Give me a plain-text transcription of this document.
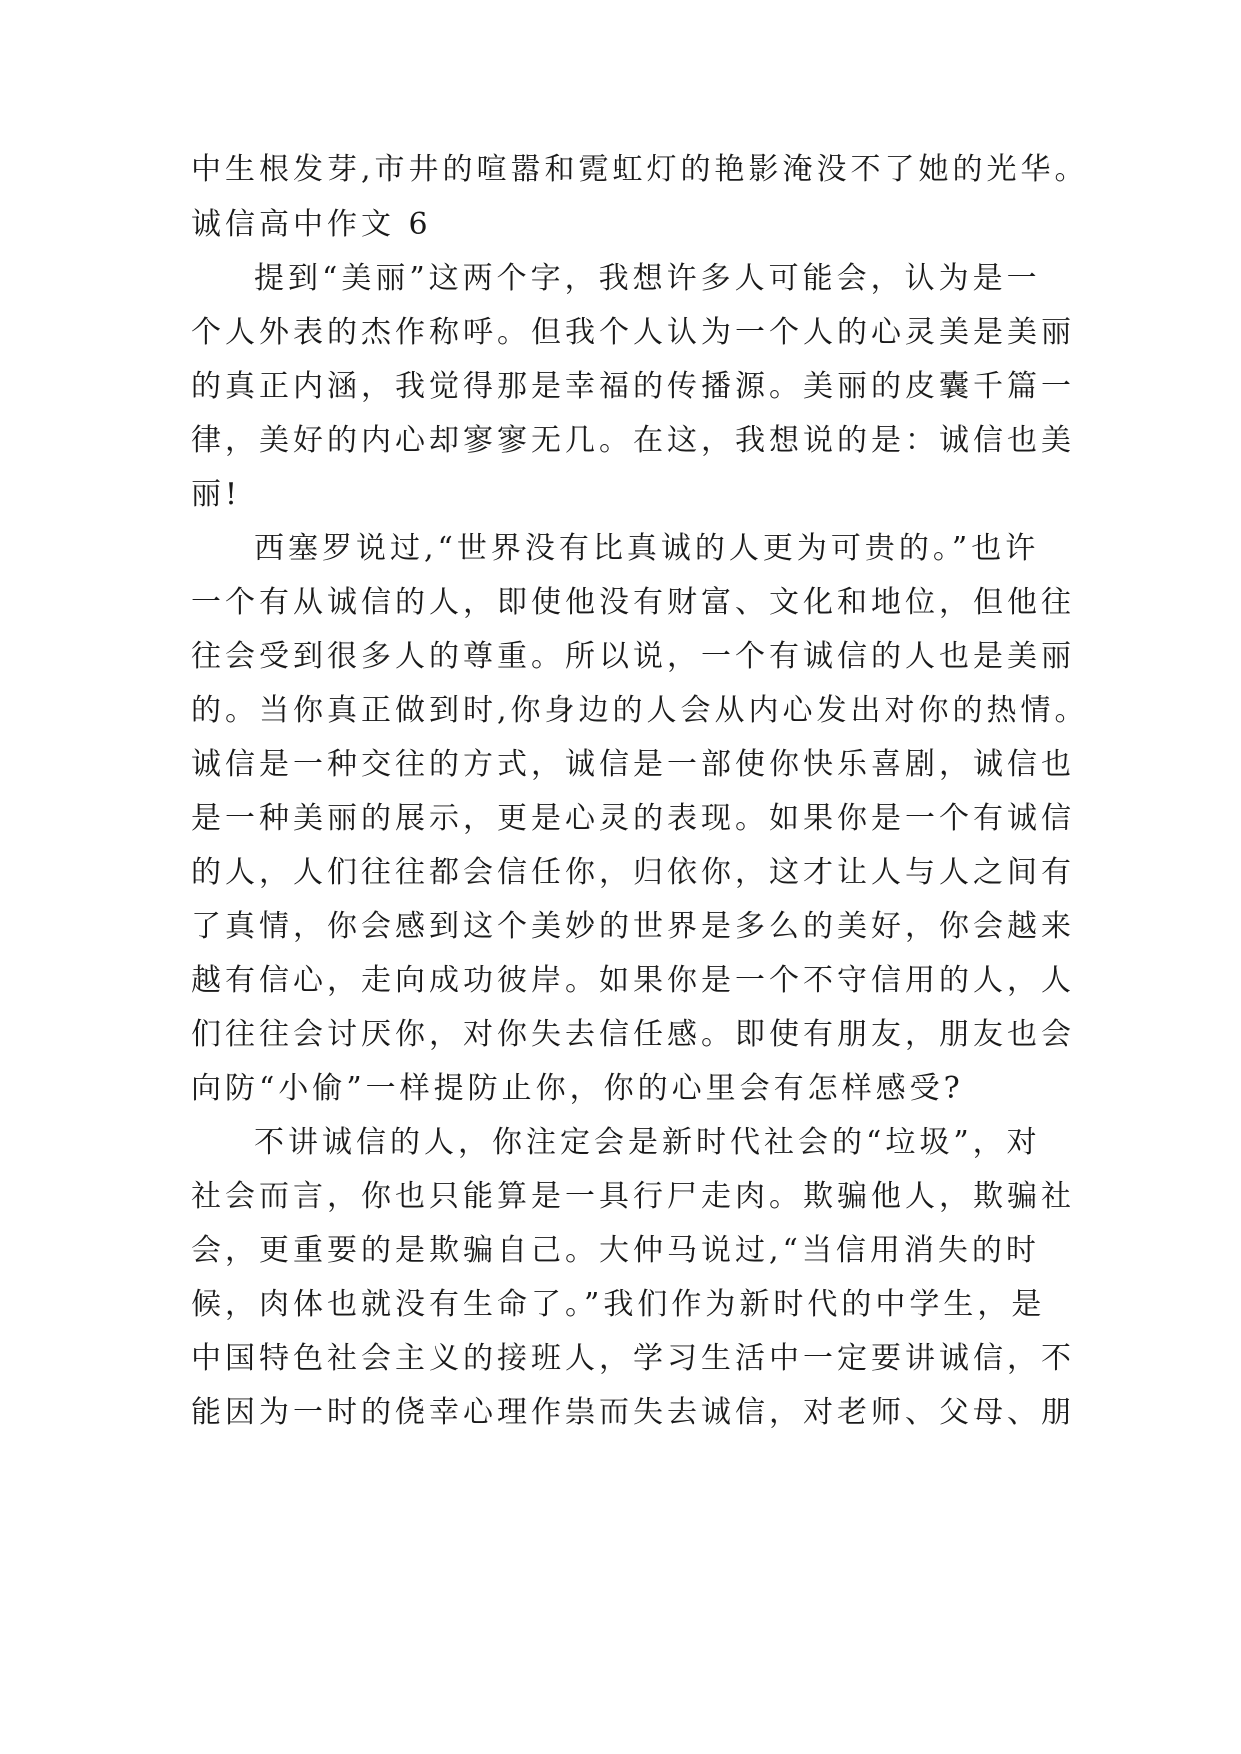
中生根发芽,市井的喧嚣和霓虹灯的艳影淹没不了她的光华。

诚信高中作文 6

提到“美丽”这两个字，我想许多人可能会，认为是一

个人外表的杰作称呼。但我个人认为一个人的心灵美是美丽

的真正内涵，我觉得那是幸福的传播源。美丽的皮囊千篇一

律，美好的内心却寥寥无几。在这，我想说的是：诚信也美

丽!

西塞罗说过,“世界没有比真诚的人更为可贵的。”也许

一个有从诚信的人，即使他没有财富、文化和地位，但他往

往会受到很多人的尊重。所以说，一个有诚信的人也是美丽

的。当你真正做到时,你身边的人会从内心发出对你的热情。

诚信是一种交往的方式，诚信是一部使你快乐喜剧，诚信也

是一种美丽的展示，更是心灵的表现。如果你是一个有诚信

的人，人们往往都会信任你，归依你，这才让人与人之间有

了真情，你会感到这个美妙的世界是多么的美好，你会越来

越有信心，走向成功彼岸。如果你是一个不守信用的人，人

们往往会讨厌你，对你失去信任感。即使有朋友，朋友也会

向防“小偷”一样提防止你，你的心里会有怎样感受?

不讲诚信的人，你注定会是新时代社会的“垃圾”，对

社会而言，你也只能算是一具行尸走肉。欺骗他人，欺骗社

会，更重要的是欺骗自己。大仲马说过,“当信用消失的时

候，肉体也就没有生命了。”我们作为新时代的中学生，是

中国特色社会主义的接班人，学习生活中一定要讲诚信，不

能因为一时的侥幸心理作祟而失去诚信，对老师、父母、朋
